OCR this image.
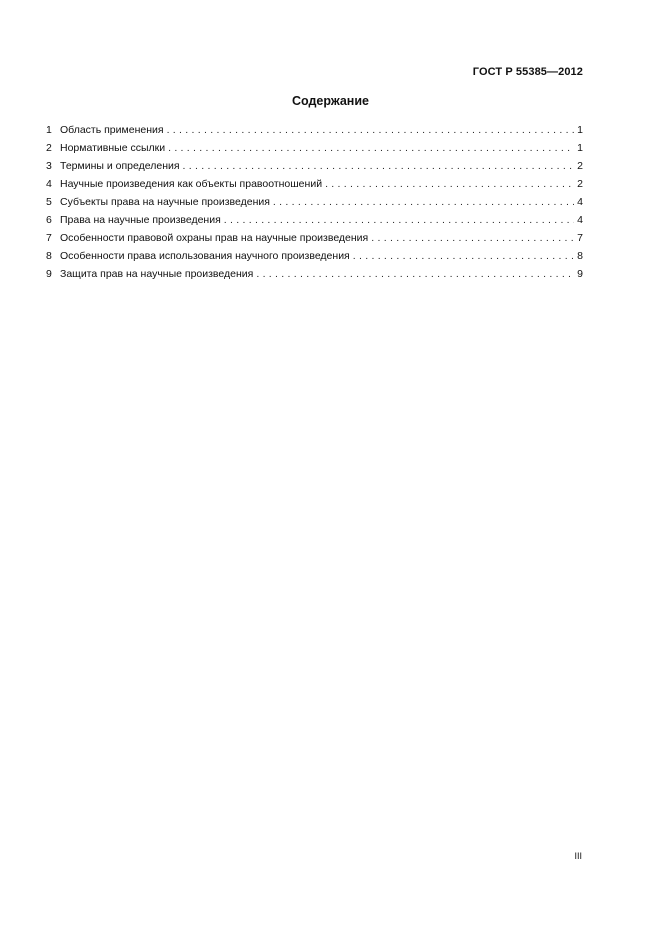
ГОСТ Р 55385—2012
Содержание
1 Область применения . . .	1
2 Нормативные ссылки . . .	1
3 Термины и определения . . .	2
4 Научные произведения как объекты правоотношений . . .	2
5 Субъекты права на научные произведения . . .	4
6 Права на научные произведения . . .	4
7 Особенности правовой охраны прав на научные произведения . . .	7
8 Особенности права использования научного произведения . . .	8
9 Защита прав на научные произведения . . .	9
III
